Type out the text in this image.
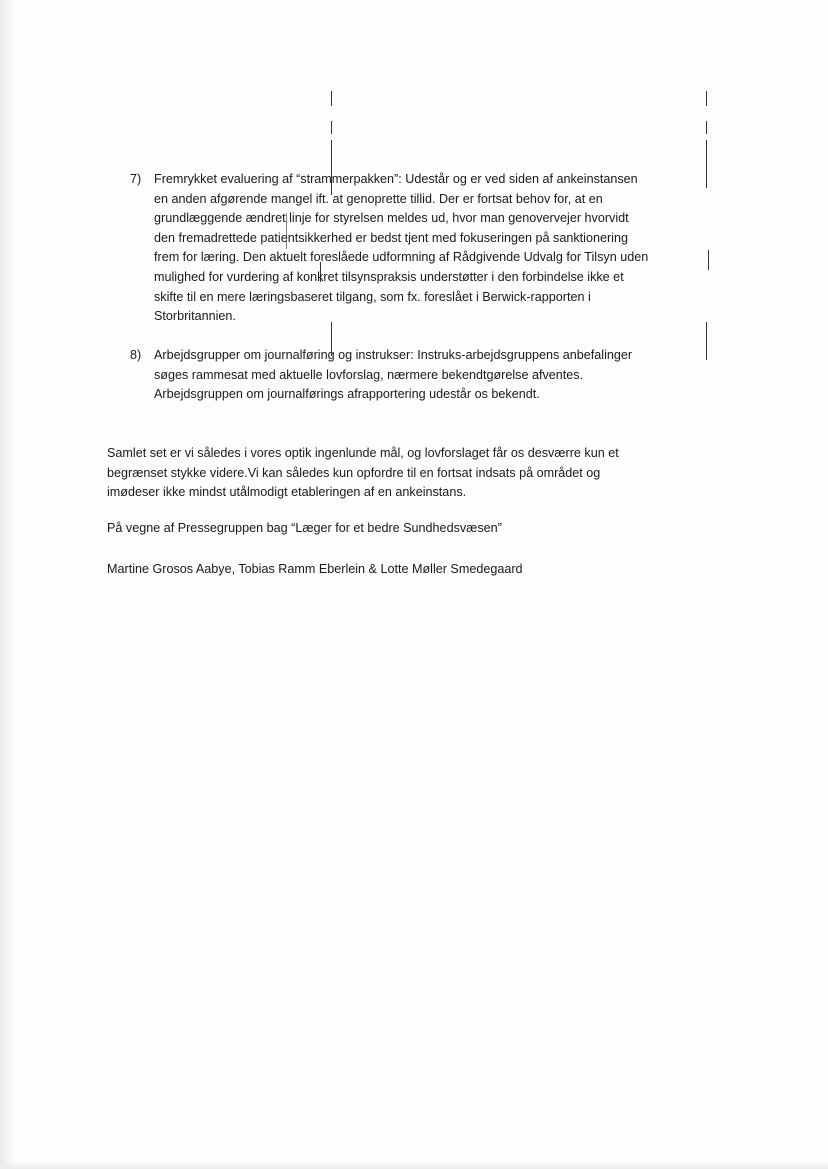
7) Fremrykket evaluering af “strammerpakken”: Udestår og er ved siden af ankeinstansen
en anden afgørende mangel ift. at genoprette tillid. Der er fortsat behov for, at en
grundlæggende ændret linje for styrelsen meldes ud, hvor man genovervejer hvorvidt
den fremadrettede patientsikkerhed er bedst tjent med fokuseringen på sanktionering
frem for læring. Den aktuelt foreslåede udformning af Rådgivende Udvalg for Tilsyn uden
mulighed for vurdering af konkret tilsynspraksis understøtter i den forbindelse ikke et
skifte til en mere læringsbaseret tilgang, som fx. foreslået i Berwick-rapporten i
Storbritannien.
8) Arbejdsgrupper om journalføring og instrukser: Instruks-arbejdsgruppens anbefalinger
søges rammesat med aktuelle lovforslag, nærmere bekendtgørelse afventes.
Arbejdsgruppen om journalførings afrapportering udestår os bekendt.
Samlet set er vi således i vores optik ingenlunde mål, og lovforslaget får os desværre kun et
begrænset stykke videre.Vi kan således kun opfordre til en fortsat indsats på området og
imødeser ikke mindst utålmodigt etableringen af en ankeinstans.
På vegne af Pressegruppen bag “Læger for et bedre Sundhedsvæsen”
Martine Grosos Aabye, Tobias Ramm Eberlein & Lotte Møller Smedegaard
